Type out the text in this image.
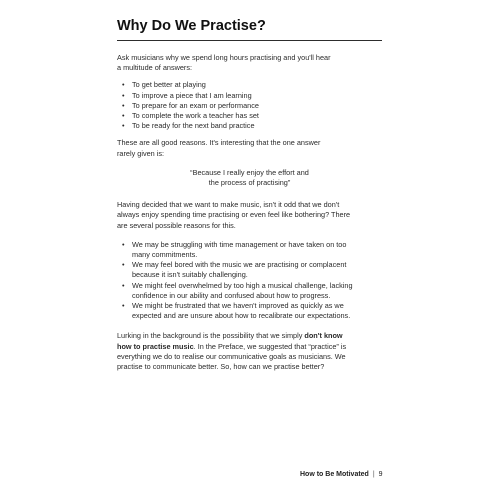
Why Do We Practise?

Ask musicians why we spend long hours practising and you'll hear
a multitude of answers:

• To get better at playing
• To improve a piece that I am learning
• To prepare for an exam or performance
• To complete the work a teacher has set
• To be ready for the next band practice

These are all good reasons. It's interesting that the one answer
rarely given is:

“Because I really enjoy the effort and
the process of practising”

Having decided that we want to make music, isn't it odd that we don't
always enjoy spending time practising or even feel like bothering? There
are several possible reasons for this.

• We may be struggling with time management or have taken on too
many commitments.
• We may feel bored with the music we are practising or complacent
because it isn't suitably challenging.
• We might feel overwhelmed by too high a musical challenge, lacking
confidence in our ability and confused about how to progress.
• We might be frustrated that we haven't improved as quickly as we
expected and are unsure about how to recalibrate our expectations.

Lurking in the background is the possibility that we simply don't know
how to practise music. In the Preface, we suggested that “practice” is
everything we do to realise our communicative goals as musicians. We
practise to communicate better. So, how can we practise better?

How to Be Motivated | 9
